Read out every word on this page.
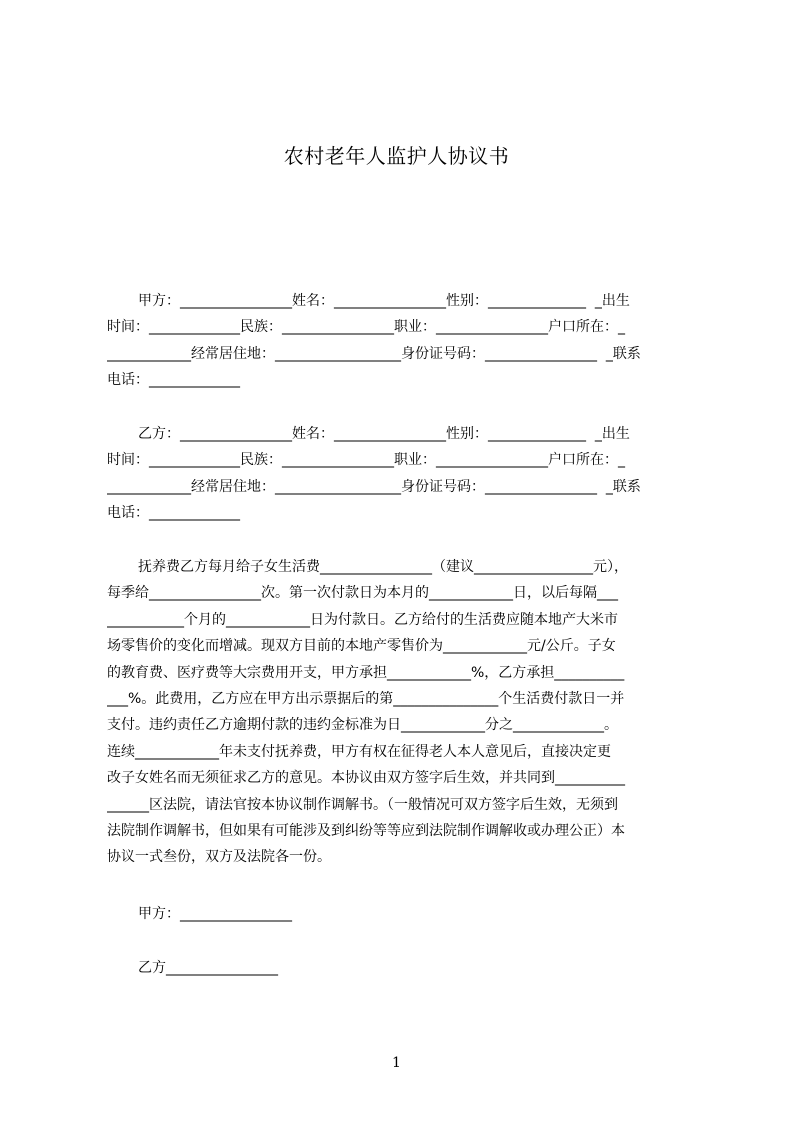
农村老年人监护人协议书
甲方：________________姓名：________________性别：______________  _出生
时间：_____________民族：________________职业：________________户口所在：_
____________经常居住地：__________________身份证号码：________________  _联系
电话：_____________
乙方：________________姓名：________________性别：______________  _出生
时间：_____________民族：________________职业：________________户口所在：_
____________经常居住地：__________________身份证号码：________________  _联系
电话：_____________
抚养费乙方每月给子女生活费________________（建议_________________元），
每季给________________次。第一次付款日为本月的____________日，以后每隔___
___________个月的____________日为付款日。乙方给付的生活费应随本地产大米市
场零售价的变化而增减。现双方目前的本地产零售价为____________元/公斤。子女
的教育费、医疗费等大宗费用开支，甲方承担____________%，乙方承担__________
___%。此费用，乙方应在甲方出示票据后的第_______________个生活费付款日一并
支付。违约责任乙方逾期付款的违约金标准为日____________分之_____________。
连续____________年未支付抚养费，甲方有权在征得老人本人意见后，直接决定更
改子女姓名而无须征求乙方的意见。本协议由双方签字后生效，并共同到__________
______区法院，请法官按本协议制作调解书。（一般情况可双方签字后生效，无须到
法院制作调解书，但如果有可能涉及到纠纷等等应到法院制作调解收或办理公正）本
协议一式叁份，双方及法院各一份。
甲方：________________
乙方________________
1
